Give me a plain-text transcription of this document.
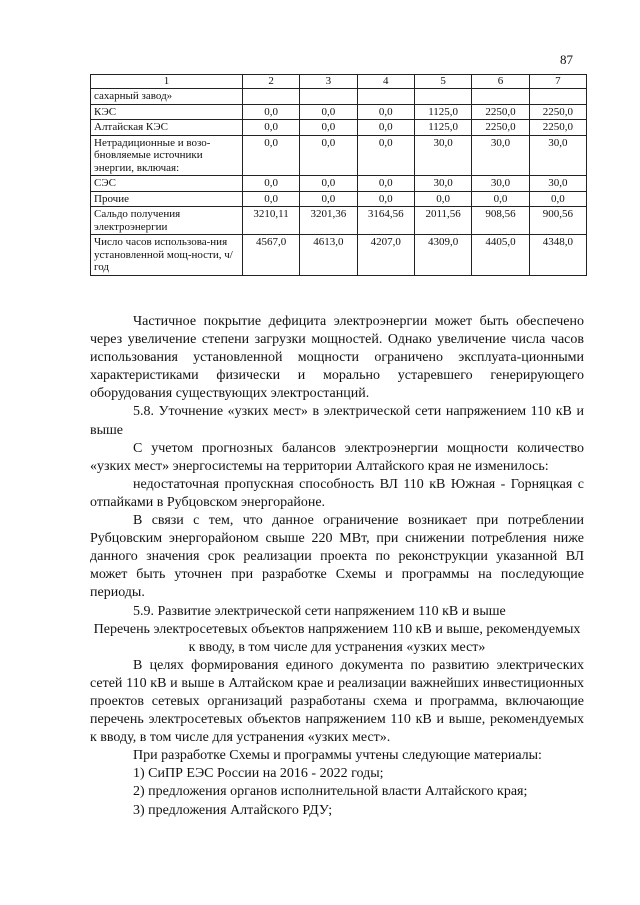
87
1	2	3	4	5	6	7
сахарный завод»						
КЭС	0,0	0,0	0,0	1125,0	2250,0	2250,0
Алтайская КЭС	0,0	0,0	0,0	1125,0	2250,0	2250,0
Нетрадиционные и возо-бновляемые источники энергии, включая:	0,0	0,0	0,0	30,0	30,0	30,0
СЭС	0,0	0,0	0,0	30,0	30,0	30,0
Прочие	0,0	0,0	0,0	0,0	0,0	0,0
Сальдо получения электроэнергии	3210,11	3201,36	3164,56	2011,56	908,56	900,56
Число часов использова-ния установленной мощ-ности, ч/год	4567,0	4613,0	4207,0	4309,0	4405,0	4348,0

Частичное покрытие дефицита электроэнергии может быть обеспечено через увеличение степени загрузки мощностей. Однако увеличение числа часов использования установленной мощности ограничено эксплуата-ционными характеристиками физически и морально устаревшего генерирующего оборудования существующих электростанций.

5.8. Уточнение «узких мест» в электрической сети напряжением 110 кВ и выше

С учетом прогнозных балансов электроэнергии мощности количество «узких мест» энергосистемы на территории Алтайского края не изменилось:

недостаточная пропускная способность ВЛ 110 кВ Южная - Горняцкая с отпайками в Рубцовском энергорайоне.

В связи с тем, что данное ограничение возникает при потреблении Рубцовским энергорайоном свыше 220 МВт, при снижении потребления ниже данного значения срок реализации проекта по реконструкции указанной ВЛ может быть уточнен при разработке Схемы и программы на последующие периоды.

5.9. Развитие электрической сети напряжением 110 кВ и выше

Перечень электросетевых объектов напряжением 110 кВ и выше, рекомендуемых к вводу, в том числе для устранения «узких мест»

В целях формирования единого документа по развитию электрических сетей 110 кВ и выше в Алтайском крае и реализации важнейших инвестиционных проектов сетевых организаций разработаны схема и программа, включающие перечень электросетевых объектов напряжением 110 кВ и выше, рекомендуемых к вводу, в том числе для устранения «узких мест».

При разработке Схемы и программы учтены следующие материалы:

1) СиПР ЕЭС России на 2016 - 2022 годы;

2) предложения органов исполнительной власти Алтайского края;

3) предложения Алтайского РДУ;
